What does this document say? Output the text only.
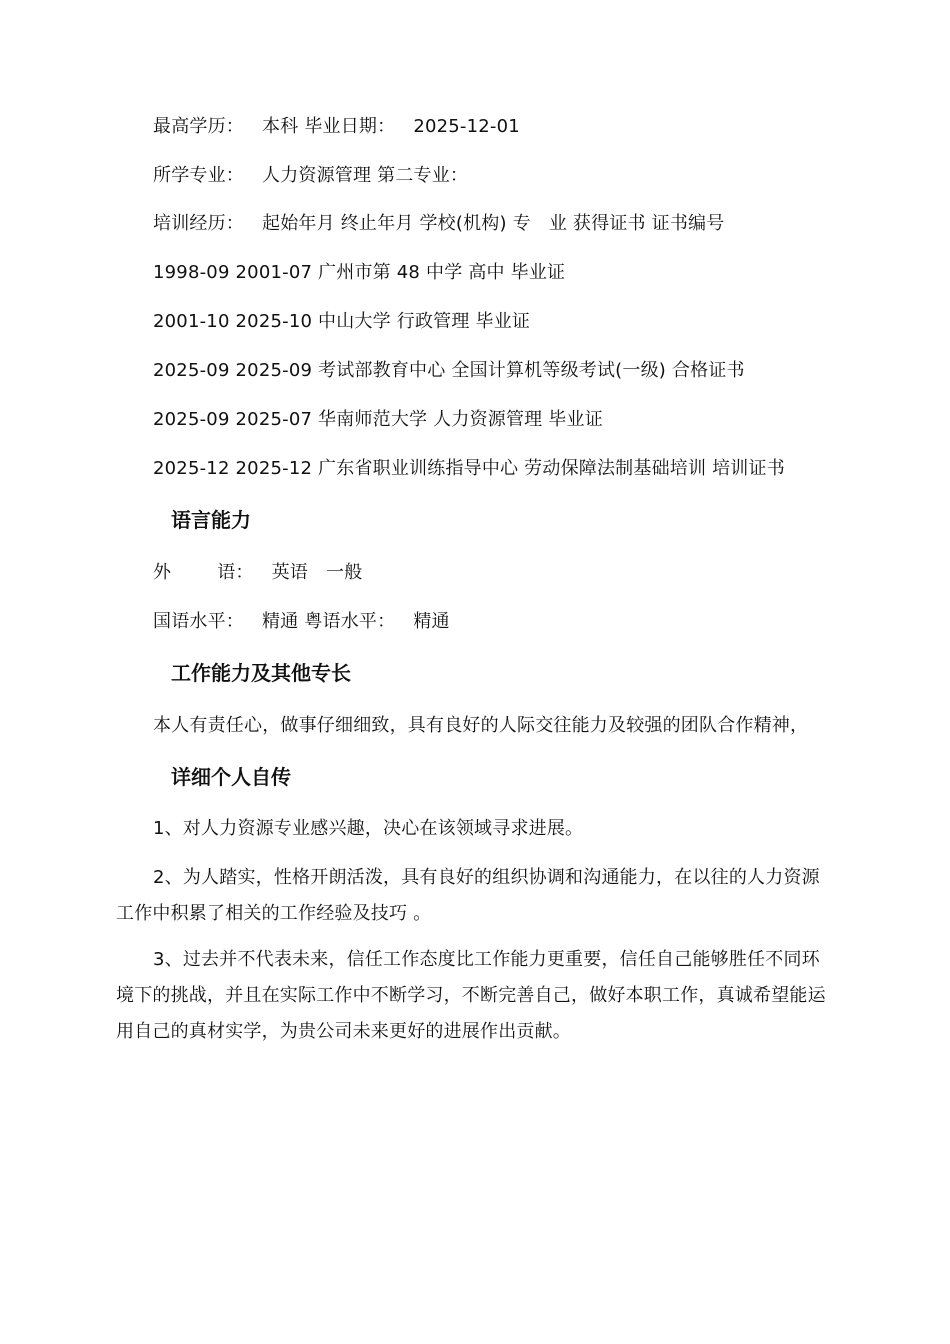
最高学历： 本科 毕业日期： 2025-12-01
所学专业： 人力资源管理 第二专业：
培训经历： 起始年月 终止年月 学校(机构) 专 业 获得证书 证书编号
1998-09 2001-07 广州市第 48 中学 高中 毕业证
2001-10 2025-10 中山大学 行政管理 毕业证
2025-09 2025-09 考试部教育中心 全国计算机等级考试(一级) 合格证书
2025-09 2025-07 华南师范大学 人力资源管理 毕业证
2025-12 2025-12 广东省职业训练指导中心 劳动保障法制基础培训 培训证书
语言能力
外	语： 英语 一般
国语水平： 精通 粤语水平： 精通
工作能力及其他专长
本人有责任心，做事仔细细致，具有良好的人际交往能力及较强的团队合作精神，
详细个人自传
1、对人力资源专业感兴趣，决心在该领域寻求进展。
2、为人踏实，性格开朗活泼，具有良好的组织协调和沟通能力，在以往的人力资源工作中积累了相关的工作经验及技巧 。
3、过去并不代表未来，信任工作态度比工作能力更重要，信任自己能够胜任不同环境下的挑战，并且在实际工作中不断学习，不断完善自己，做好本职工作，真诚希望能运用自己的真材实学，为贵公司未来更好的进展作出贡献。
